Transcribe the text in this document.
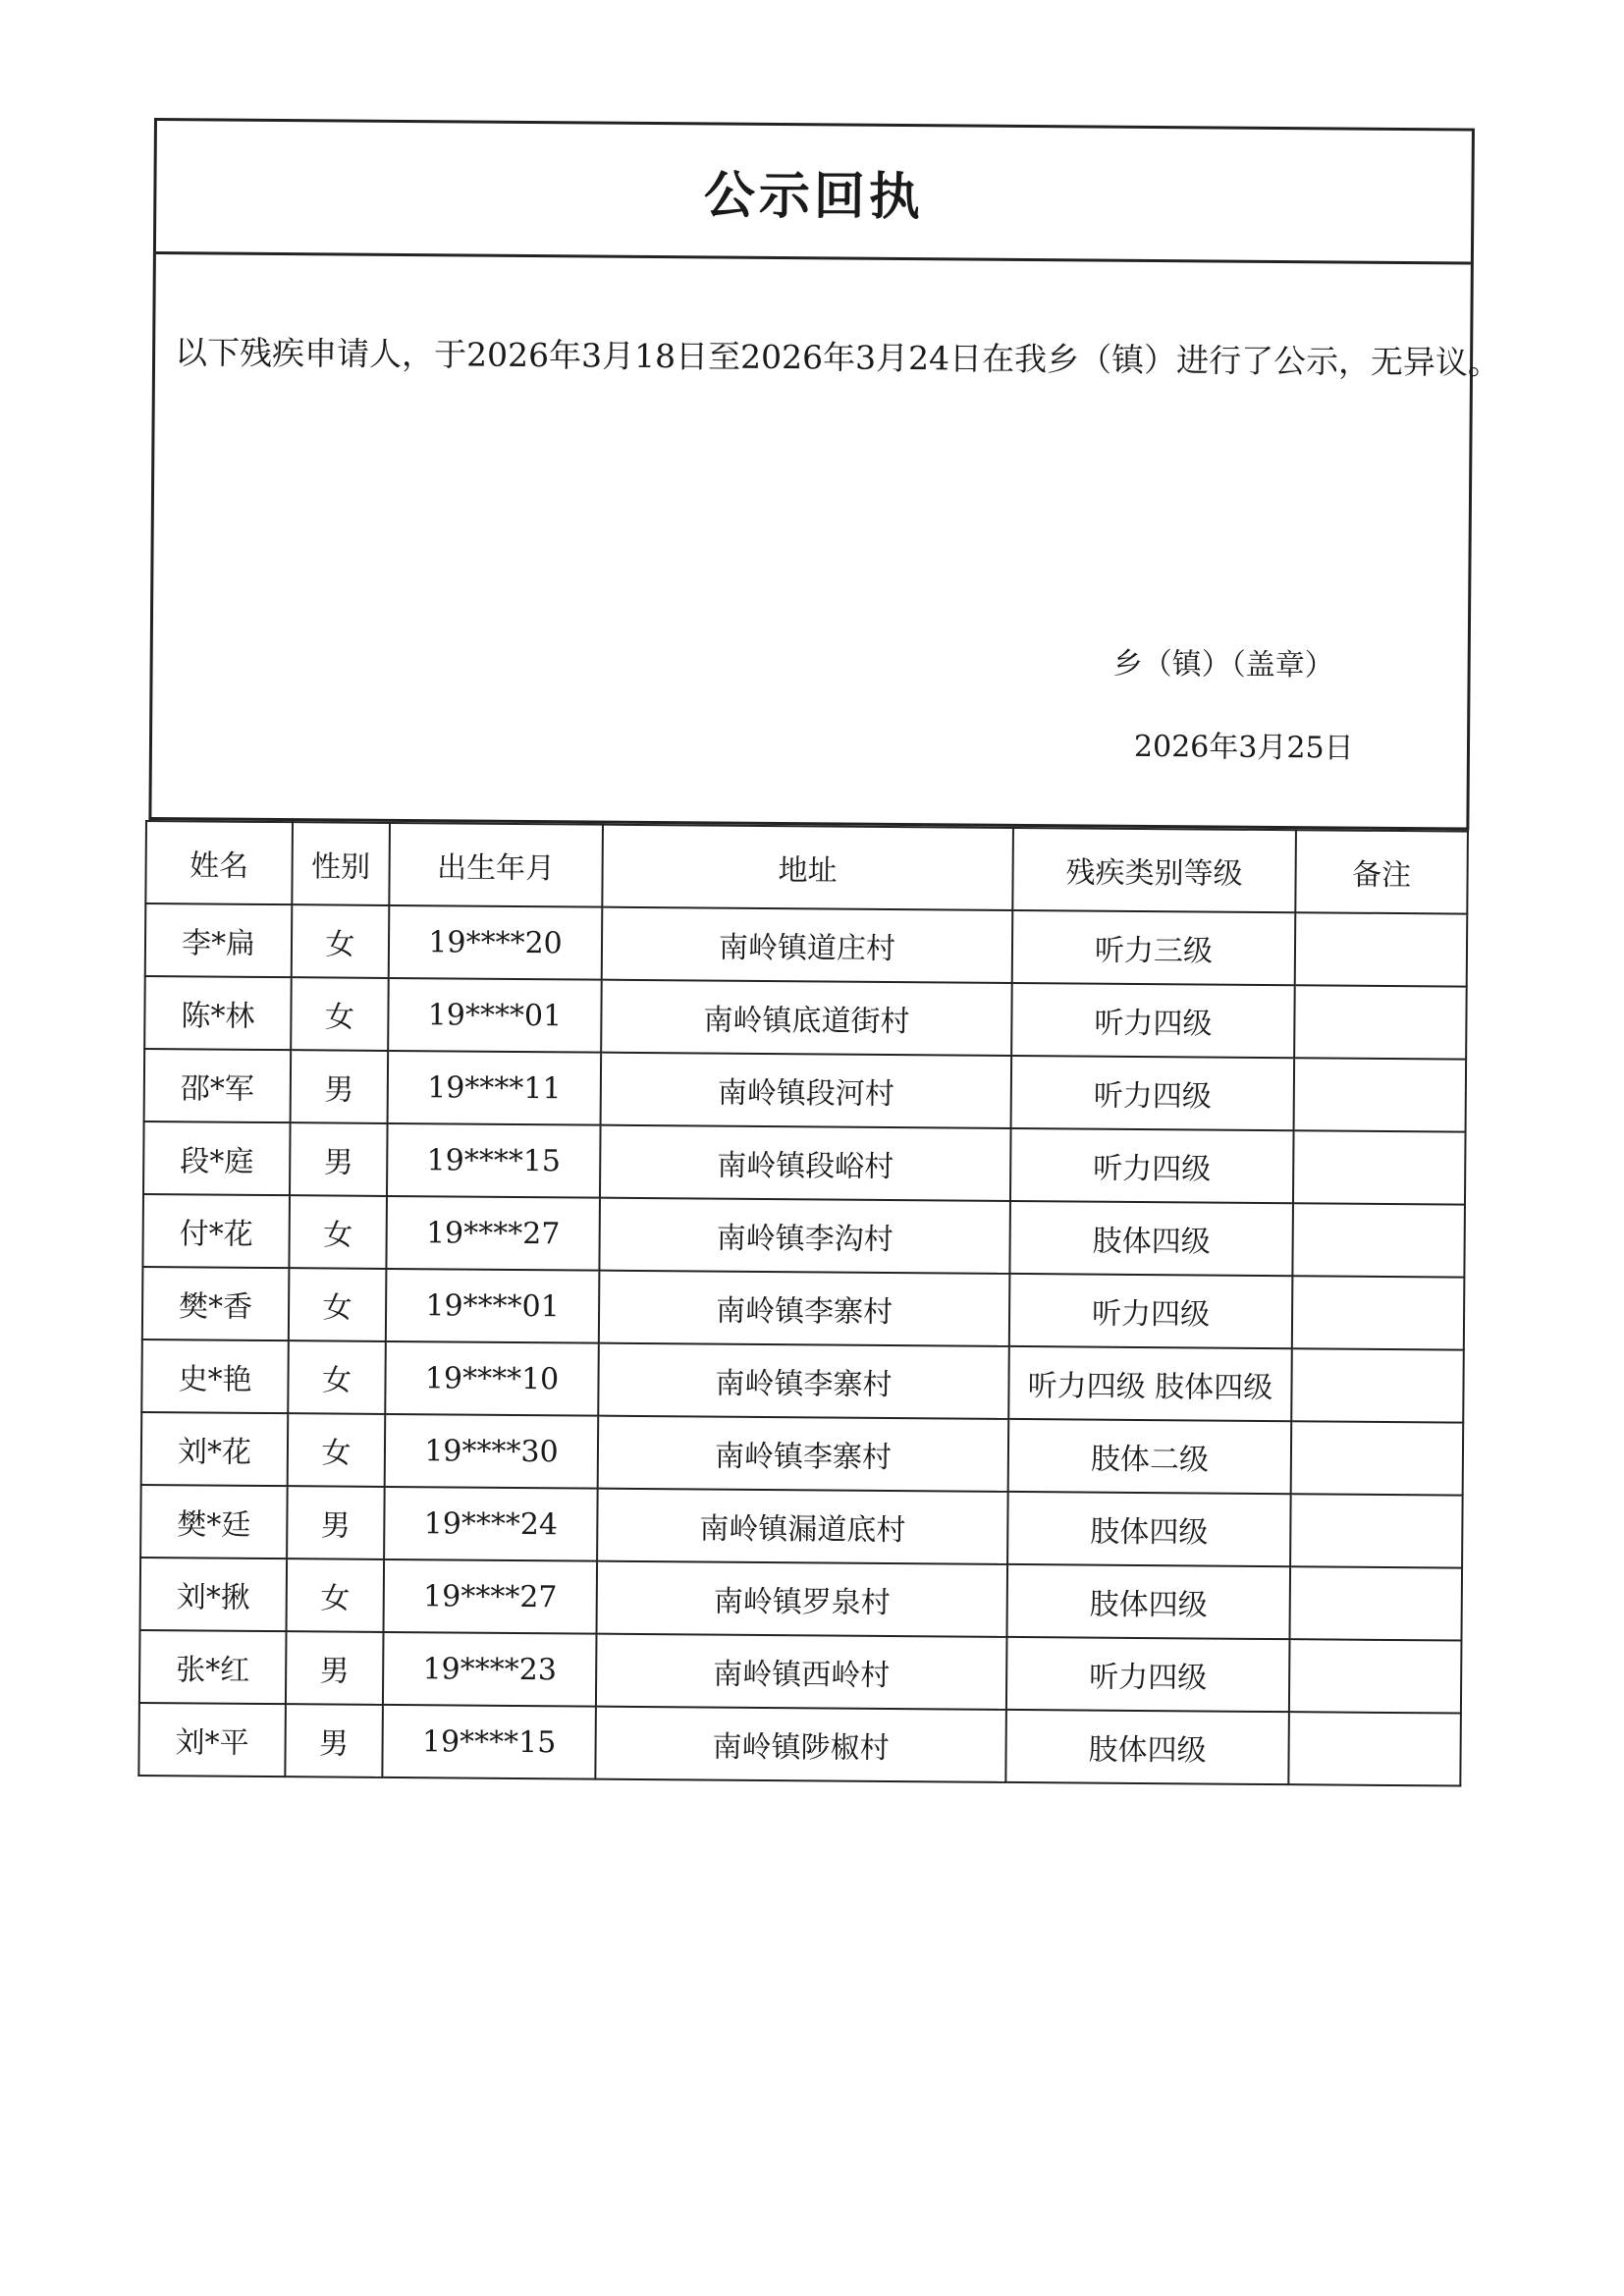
公示回执
以下残疾申请人，于2026年3月18日至2026年3月24日在我乡（镇）进行了公示，无异议。
乡（镇）（盖章）
2026年3月25日
姓名	性别	出生年月	地址	残疾类别等级	备注
李*扁	女	19****20	南岭镇道庄村	听力三级	
陈*林	女	19****01	南岭镇底道街村	听力四级	
邵*军	男	19****11	南岭镇段河村	听力四级	
段*庭	男	19****15	南岭镇段峪村	听力四级	
付*花	女	19****27	南岭镇李沟村	肢体四级	
樊*香	女	19****01	南岭镇李寨村	听力四级	
史*艳	女	19****10	南岭镇李寨村	听力四级 肢体四级	
刘*花	女	19****30	南岭镇李寨村	肢体二级	
樊*廷	男	19****24	南岭镇漏道底村	肢体四级	
刘*揪	女	19****27	南岭镇罗泉村	肢体四级	
张*红	男	19****23	南岭镇西岭村	听力四级	
刘*平	男	19****15	南岭镇陟椒村	肢体四级	
